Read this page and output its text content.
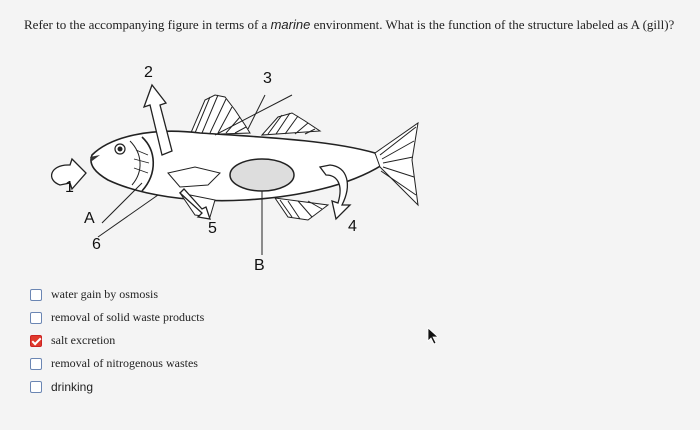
Refer to the accompanying figure in terms of a marine environment. What is the function of the structure labeled as A (gill)?
1
2	3
4
5
6
A
B
water gain by osmosis
removal of solid waste products
salt excretion
removal of nitrogenous wastes
drinking
